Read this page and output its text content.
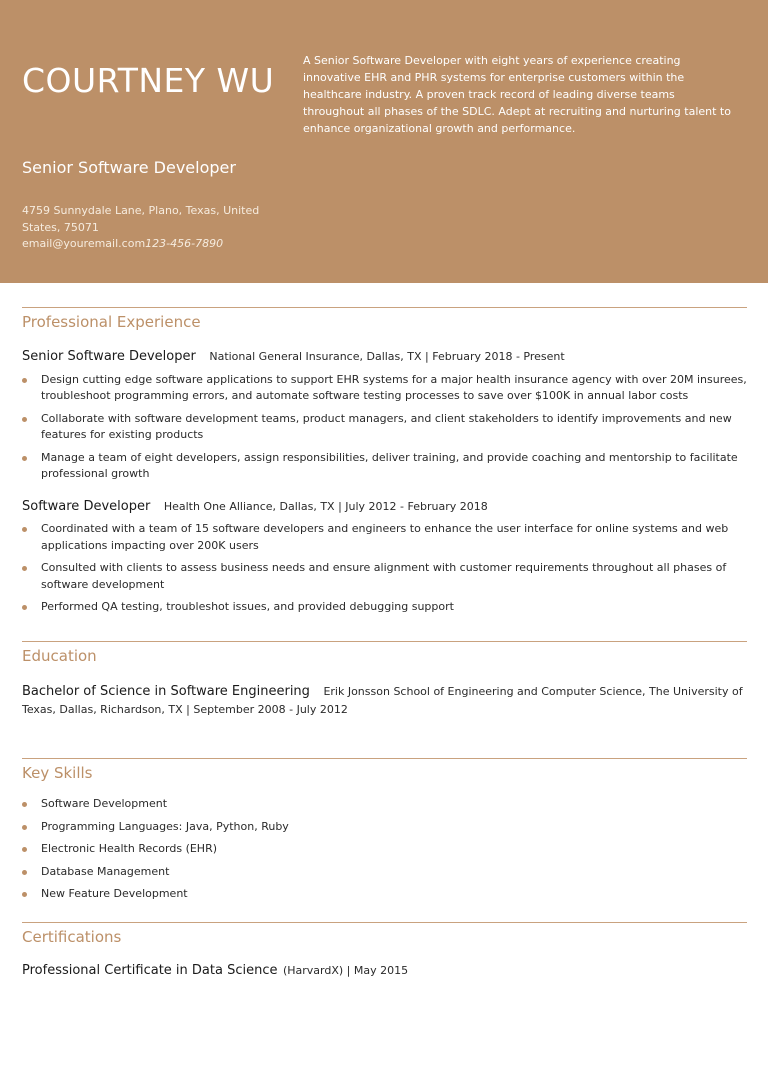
COURTNEY WU
Senior Software Developer
4759 Sunnydale Lane, Plano, Texas, United States, 75071
email@youremail.com123-456-7890
A Senior Software Developer with eight years of experience creating innovative EHR and PHR systems for enterprise customers within the healthcare industry. A proven track record of leading diverse teams throughout all phases of the SDLC. Adept at recruiting and nurturing talent to enhance organizational growth and performance.
Professional Experience
Senior Software Developer National General Insurance, Dallas, TX | February 2018 - Present
Design cutting edge software applications to support EHR systems for a major health insurance agency with over 20M insurees, troubleshoot programming errors, and automate software testing processes to save over $100K in annual labor costs
Collaborate with software development teams, product managers, and client stakeholders to identify improvements and new features for existing products
Manage a team of eight developers, assign responsibilities, deliver training, and provide coaching and mentorship to facilitate professional growth
Software Developer Health One Alliance, Dallas, TX | July 2012 - February 2018
Coordinated with a team of 15 software developers and engineers to enhance the user interface for online systems and web applications impacting over 200K users
Consulted with clients to assess business needs and ensure alignment with customer requirements throughout all phases of software development
Performed QA testing, troubleshot issues, and provided debugging support
Education
Bachelor of Science in Software Engineering Erik Jonsson School of Engineering and Computer Science, The University of Texas, Dallas, Richardson, TX | September 2008 - July 2012
Key Skills
Software Development
Programming Languages: Java, Python, Ruby
Electronic Health Records (EHR)
Database Management
New Feature Development
Certifications
Professional Certificate in Data Science (HarvardX) | May 2015
